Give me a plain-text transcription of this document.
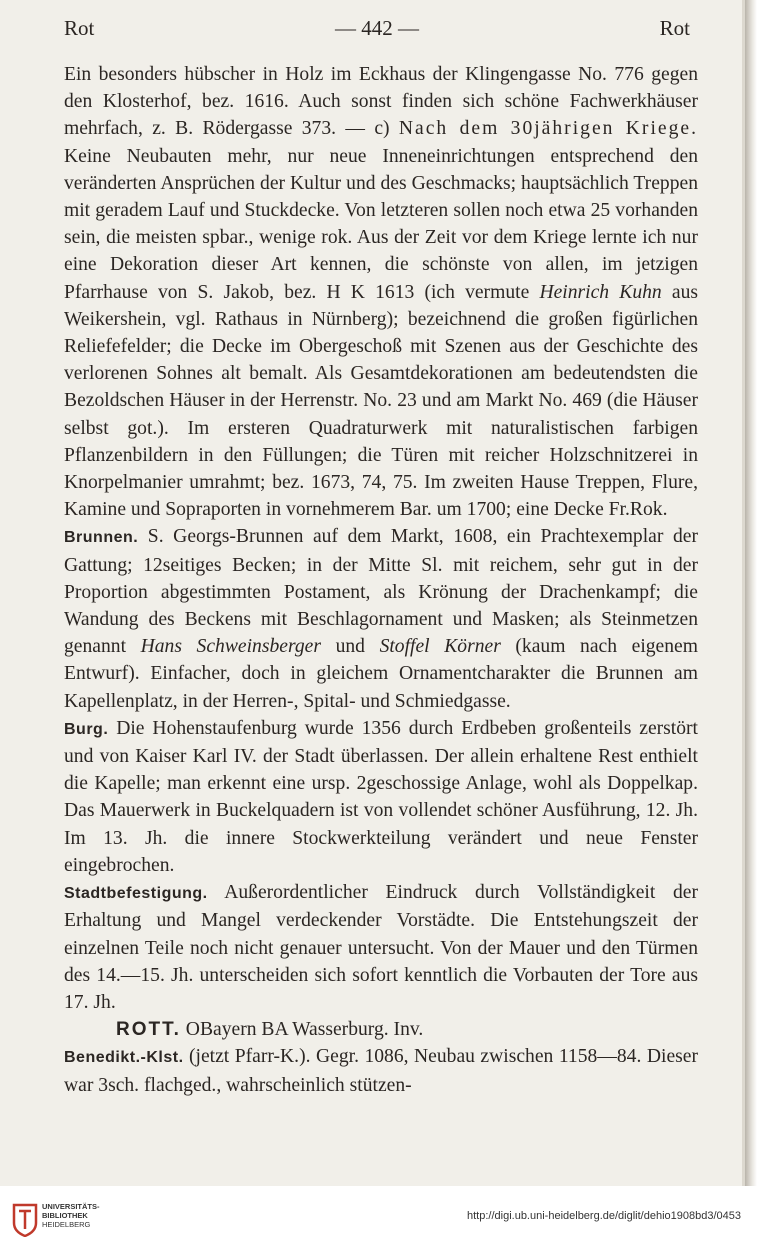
Rot	— 442 —	Rot

Ein besonders hübscher in Holz im Eckhaus der Klingengasse No. 776 gegen den Klosterhof, bez. 1616. Auch sonst finden sich schöne Fachwerkhäuser mehrfach, z. B. Rödergasse 373. — c) Nach dem 30jährigen Kriege. Keine Neubauten mehr, nur neue Inneneinrichtungen entsprechend den veränderten Ansprüchen der Kultur und des Geschmacks; hauptsächlich Treppen mit geradem Lauf und Stuckdecke. Von letzteren sollen noch etwa 25 vorhanden sein, die meisten spbar., wenige rok. Aus der Zeit vor dem Kriege lernte ich nur eine Dekoration dieser Art kennen, die schönste von allen, im jetzigen Pfarrhause von S. Jakob, bez. H K 1613 (ich vermute Heinrich Kuhn aus Weikershein, vgl. Rathaus in Nürnberg); bezeichnend die großen figürlichen Reliefefelder; die Decke im Obergeschoß mit Szenen aus der Geschichte des verlorenen Sohnes alt bemalt. Als Gesamtdekorationen am bedeutendsten die Bezoldschen Häuser in der Herrenstr. No. 23 und am Markt No. 469 (die Häuser selbst got.). Im ersteren Quadraturwerk mit naturalistischen farbigen Pflanzenbildern in den Füllungen; die Türen mit reicher Holzschnitzerei in Knorpelmanier umrahmt; bez. 1673, 74, 75. Im zweiten Hause Treppen, Flure, Kamine und Sopraporten in vornehmerem Bar. um 1700; eine Decke Fr.Rok.

Brunnen. S. Georgs-Brunnen auf dem Markt, 1608, ein Prachtexemplar der Gattung; 12seitiges Becken; in der Mitte Sl. mit reichem, sehr gut in der Proportion abgestimmten Postament, als Krönung der Drachenkampf; die Wandung des Beckens mit Beschlagornament und Masken; als Steinmetzen genannt Hans Schweinsberger und Stoffel Körner (kaum nach eigenem Entwurf). Einfacher, doch in gleichem Ornamentcharakter die Brunnen am Kapellenplatz, in der Herren-, Spital- und Schmiedgasse.

Burg. Die Hohenstaufenburg wurde 1356 durch Erdbeben großenteils zerstört und von Kaiser Karl IV. der Stadt überlassen. Der allein erhaltene Rest enthielt die Kapelle; man erkennt eine ursp. 2geschossige Anlage, wohl als Doppelkap. Das Mauerwerk in Buckelquadern ist von vollendet schöner Ausführung, 12. Jh. Im 13. Jh. die innere Stockwerkteilung verändert und neue Fenster eingebrochen.

Stadtbefestigung. Außerordentlicher Eindruck durch Vollständigkeit der Erhaltung und Mangel verdeckender Vorstädte. Die Entstehungszeit der einzelnen Teile noch nicht genauer untersucht. Von der Mauer und den Türmen des 14.—15. Jh. unterscheiden sich sofort kenntlich die Vorbauten der Tore aus 17. Jh.

ROTT. OBayern BA Wasserburg. Inv.

Benedikt.-Klst. (jetzt Pfarr-K.). Gegr. 1086, Neubau zwischen 1158—84. Dieser war 3sch. flachged., wahrscheinlich stützen-

UNIVERSITÄTS-
BIBLIOTHEK
HEIDELBERG
http://digi.ub.uni-heidelberg.de/diglit/dehio1908bd3/0453
